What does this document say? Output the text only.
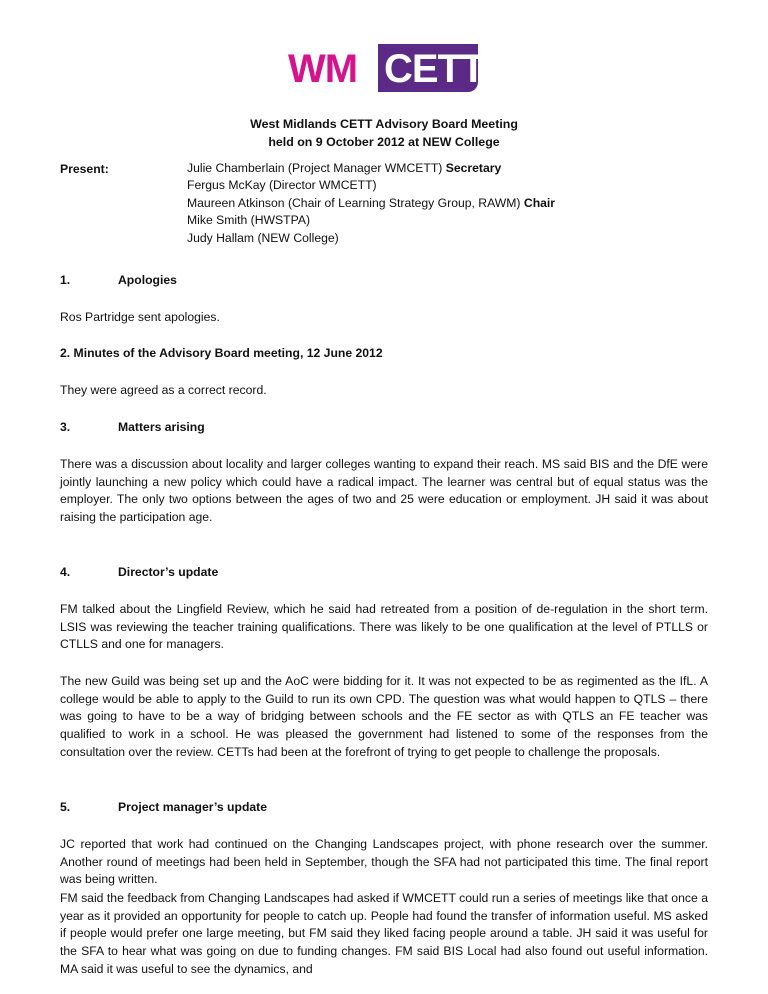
WM CETT
West Midlands CETT Advisory Board Meeting
held on 9 October 2012 at NEW College
Present:	Julie Chamberlain (Project Manager WMCETT) Secretary
Fergus McKay (Director WMCETT)
Maureen Atkinson (Chair of Learning Strategy Group, RAWM) Chair
Mike Smith (HWSTPA)
Judy Hallam (NEW College)
1.	Apologies
Ros Partridge sent apologies.
2. Minutes of the Advisory Board meeting, 12 June 2012
They were agreed as a correct record.
3.	Matters arising
There was a discussion about locality and larger colleges wanting to expand their reach. MS said BIS and the DfE were jointly launching a new policy which could have a radical impact. The learner was central but of equal status was the employer. The only two options between the ages of two and 25 were education or employment. JH said it was about raising the participation age.
4.	Director’s update
FM talked about the Lingfield Review, which he said had retreated from a position of de-regulation in the short term. LSIS was reviewing the teacher training qualifications. There was likely to be one qualification at the level of PTLLS or CTLLS and one for managers.
The new Guild was being set up and the AoC were bidding for it. It was not expected to be as regimented as the IfL. A college would be able to apply to the Guild to run its own CPD. The question was what would happen to QTLS – there was going to have to be a way of bridging between schools and the FE sector as with QTLS an FE teacher was qualified to work in a school. He was pleased the government had listened to some of the responses from the consultation over the review. CETTs had been at the forefront of trying to get people to challenge the proposals.
5.	Project manager’s update
JC reported that work had continued on the Changing Landscapes project, with phone research over the summer. Another round of meetings had been held in September, though the SFA had not participated this time. The final report was being written.
FM said the feedback from Changing Landscapes had asked if WMCETT could run a series of meetings like that once a year as it provided an opportunity for people to catch up. People had found the transfer of information useful. MS asked if people would prefer one large meeting, but FM said they liked facing people around a table. JH said it was useful for the SFA to hear what was going on due to funding changes. FM said BIS Local had also found out useful information. MA said it was useful to see the dynamics, and
